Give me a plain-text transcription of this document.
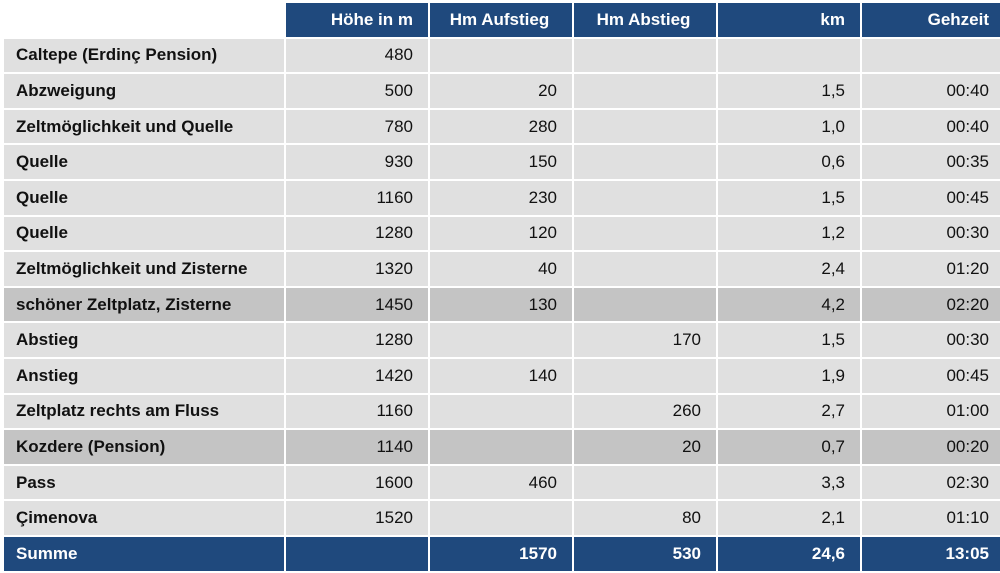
	Höhe in m	Hm Aufstieg	Hm Abstieg	km	Gehzeit
Caltepe (Erdinç Pension)	480				
Abzweigung	500	20		1,5	00:40
Zeltmöglichkeit und Quelle	780	280		1,0	00:40
Quelle	930	150		0,6	00:35
Quelle	1160	230		1,5	00:45
Quelle	1280	120		1,2	00:30
Zeltmöglichkeit und Zisterne	1320	40		2,4	01:20
schöner Zeltplatz, Zisterne	1450	130		4,2	02:20
Abstieg	1280		170	1,5	00:30
Anstieg	1420	140		1,9	00:45
Zeltplatz rechts am Fluss	1160		260	2,7	01:00
Kozdere (Pension)	1140		20	0,7	00:20
Pass	1600	460		3,3	02:30
Çimenova	1520		80	2,1	01:10
Summe		1570	530	24,6	13:05
